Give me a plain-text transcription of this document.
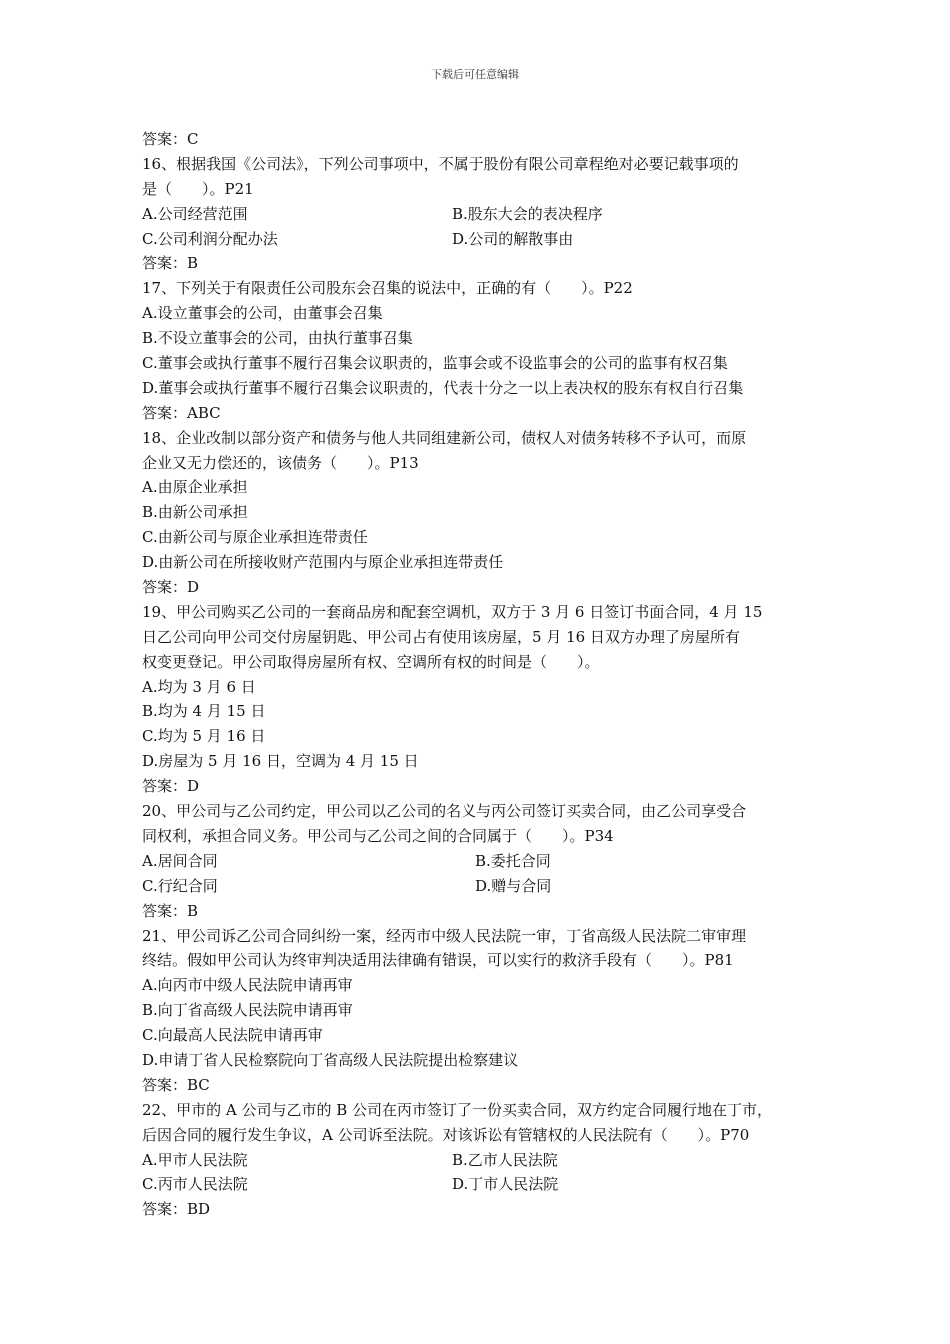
下载后可任意编辑
答案：C
16、根据我国《公司法》，下列公司事项中，不属于股份有限公司章程绝对必要记载事项的
是（　　）。P21
A.公司经营范围	B.股东大会的表决程序
C.公司利润分配办法	D.公司的解散事由
答案：B
17、下列关于有限责任公司股东会召集的说法中，正确的有（　　）。P22
A.设立董事会的公司，由董事会召集
B.不设立董事会的公司，由执行董事召集
C.董事会或执行董事不履行召集会议职责的，监事会或不设监事会的公司的监事有权召集
D.董事会或执行董事不履行召集会议职责的，代表十分之一以上表决权的股东有权自行召集
答案：ABC
18、企业改制以部分资产和债务与他人共同组建新公司，债权人对债务转移不予认可，而原
企业又无力偿还的，该债务（　　）。P13
A.由原企业承担
B.由新公司承担
C.由新公司与原企业承担连带责任
D.由新公司在所接收财产范围内与原企业承担连带责任
答案：D
19、甲公司购买乙公司的一套商品房和配套空调机，双方于 3 月 6 日签订书面合同，4 月 15
日乙公司向甲公司交付房屋钥匙、甲公司占有使用该房屋，5 月 16 日双方办理了房屋所有
权变更登记。甲公司取得房屋所有权、空调所有权的时间是（　　）。
A.均为 3 月 6 日
B.均为 4 月 15 日
C.均为 5 月 16 日
D.房屋为 5 月 16 日，空调为 4 月 15 日
答案：D
20、甲公司与乙公司约定，甲公司以乙公司的名义与丙公司签订买卖合同，由乙公司享受合
同权利，承担合同义务。甲公司与乙公司之间的合同属于（　　）。P34
A.居间合同	B.委托合同
C.行纪合同	D.赠与合同
答案：B
21、甲公司诉乙公司合同纠纷一案，经丙市中级人民法院一审，丁省高级人民法院二审审理
终结。假如甲公司认为终审判决适用法律确有错误，可以实行的救济手段有（　　）。P81
A.向丙市中级人民法院申请再审
B.向丁省高级人民法院申请再审
C.向最高人民法院申请再审
D.申请丁省人民检察院向丁省高级人民法院提出检察建议
答案：BC
22、甲市的 A 公司与乙市的 B 公司在丙市签订了一份买卖合同，双方约定合同履行地在丁市，
后因合同的履行发生争议，A 公司诉至法院。对该诉讼有管辖权的人民法院有（　　）。P70
A.甲市人民法院	B.乙市人民法院
C.丙市人民法院	D.丁市人民法院
答案：BD
